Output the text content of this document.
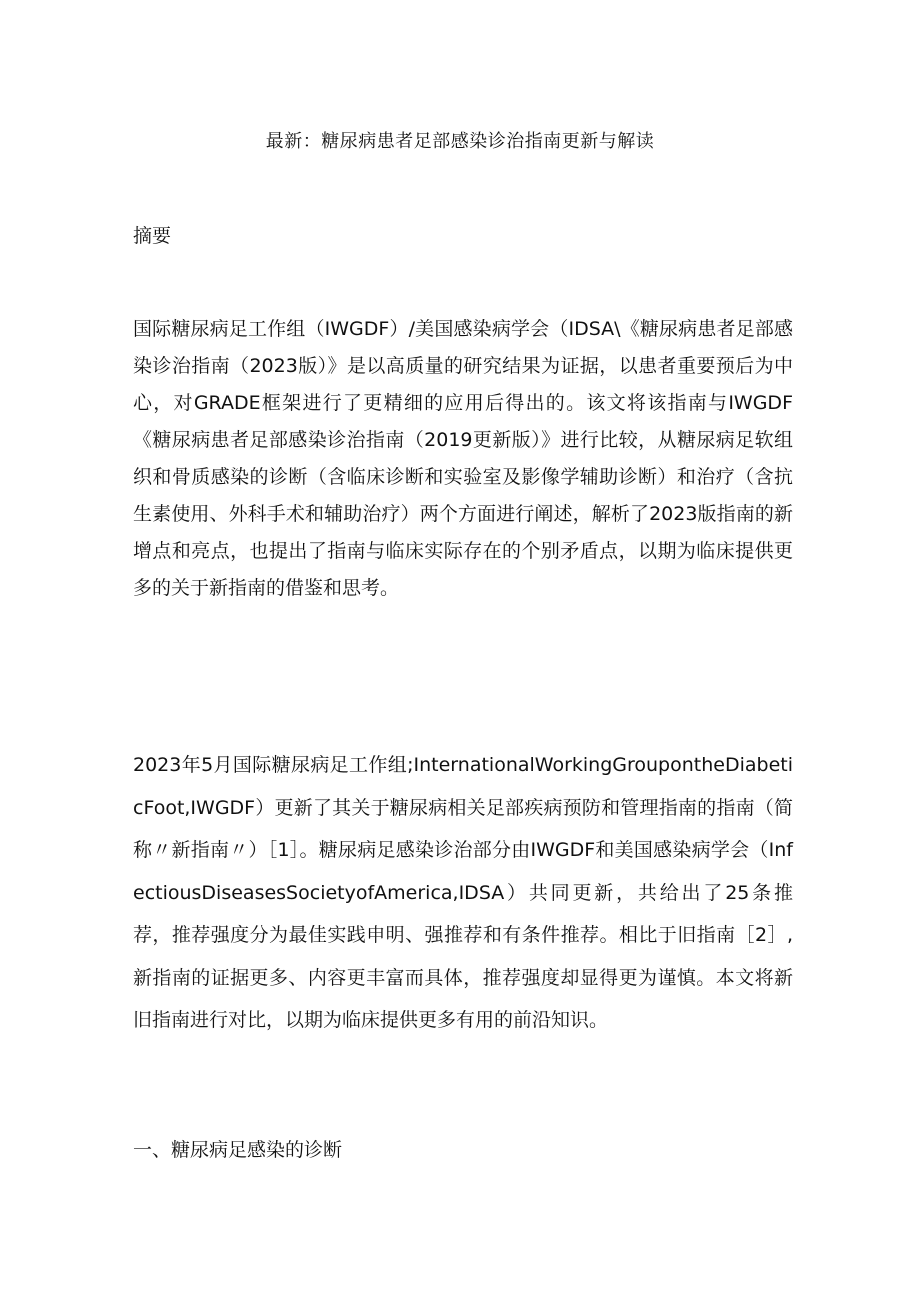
最新：糖尿病患者足部感染诊治指南更新与解读
摘要
国际糖尿病足工作组（IWGDF）/美国感染病学会（IDSA\《糖尿病患者足部感染诊治指南（2023版）》是以高质量的研究结果为证据，以患者重要预后为中心，对GRADE框架进行了更精细的应用后得出的。该文将该指南与IWGDF《糖尿病患者足部感染诊治指南（2019更新版）》进行比较，从糖尿病足软组织和骨质感染的诊断（含临床诊断和实验室及影像学辅助诊断）和治疗（含抗生素使用、外科手术和辅助治疗）两个方面进行阐述，解析了2023版指南的新增点和亮点，也提出了指南与临床实际存在的个别矛盾点，以期为临床提供更多的关于新指南的借鉴和思考。
2023年5月国际糖尿病足工作组;InternationalWorkingGroupontheDiabeticFoot,IWGDF）更新了其关于糖尿病相关足部疾病预防和管理指南的指南（简称〃新指南〃）［1］。糖尿病足感染诊治部分由IWGDF和美国感染病学会（InfectiousDiseasesSocietyofAmerica,IDSA）共同更新，共给出了25条推荐，推荐强度分为最佳实践申明、强推荐和有条件推荐。相比于旧指南［2］,新指南的证据更多、内容更丰富而具体，推荐强度却显得更为谨慎。本文将新旧指南进行对比，以期为临床提供更多有用的前沿知识。
一、糖尿病足感染的诊断
